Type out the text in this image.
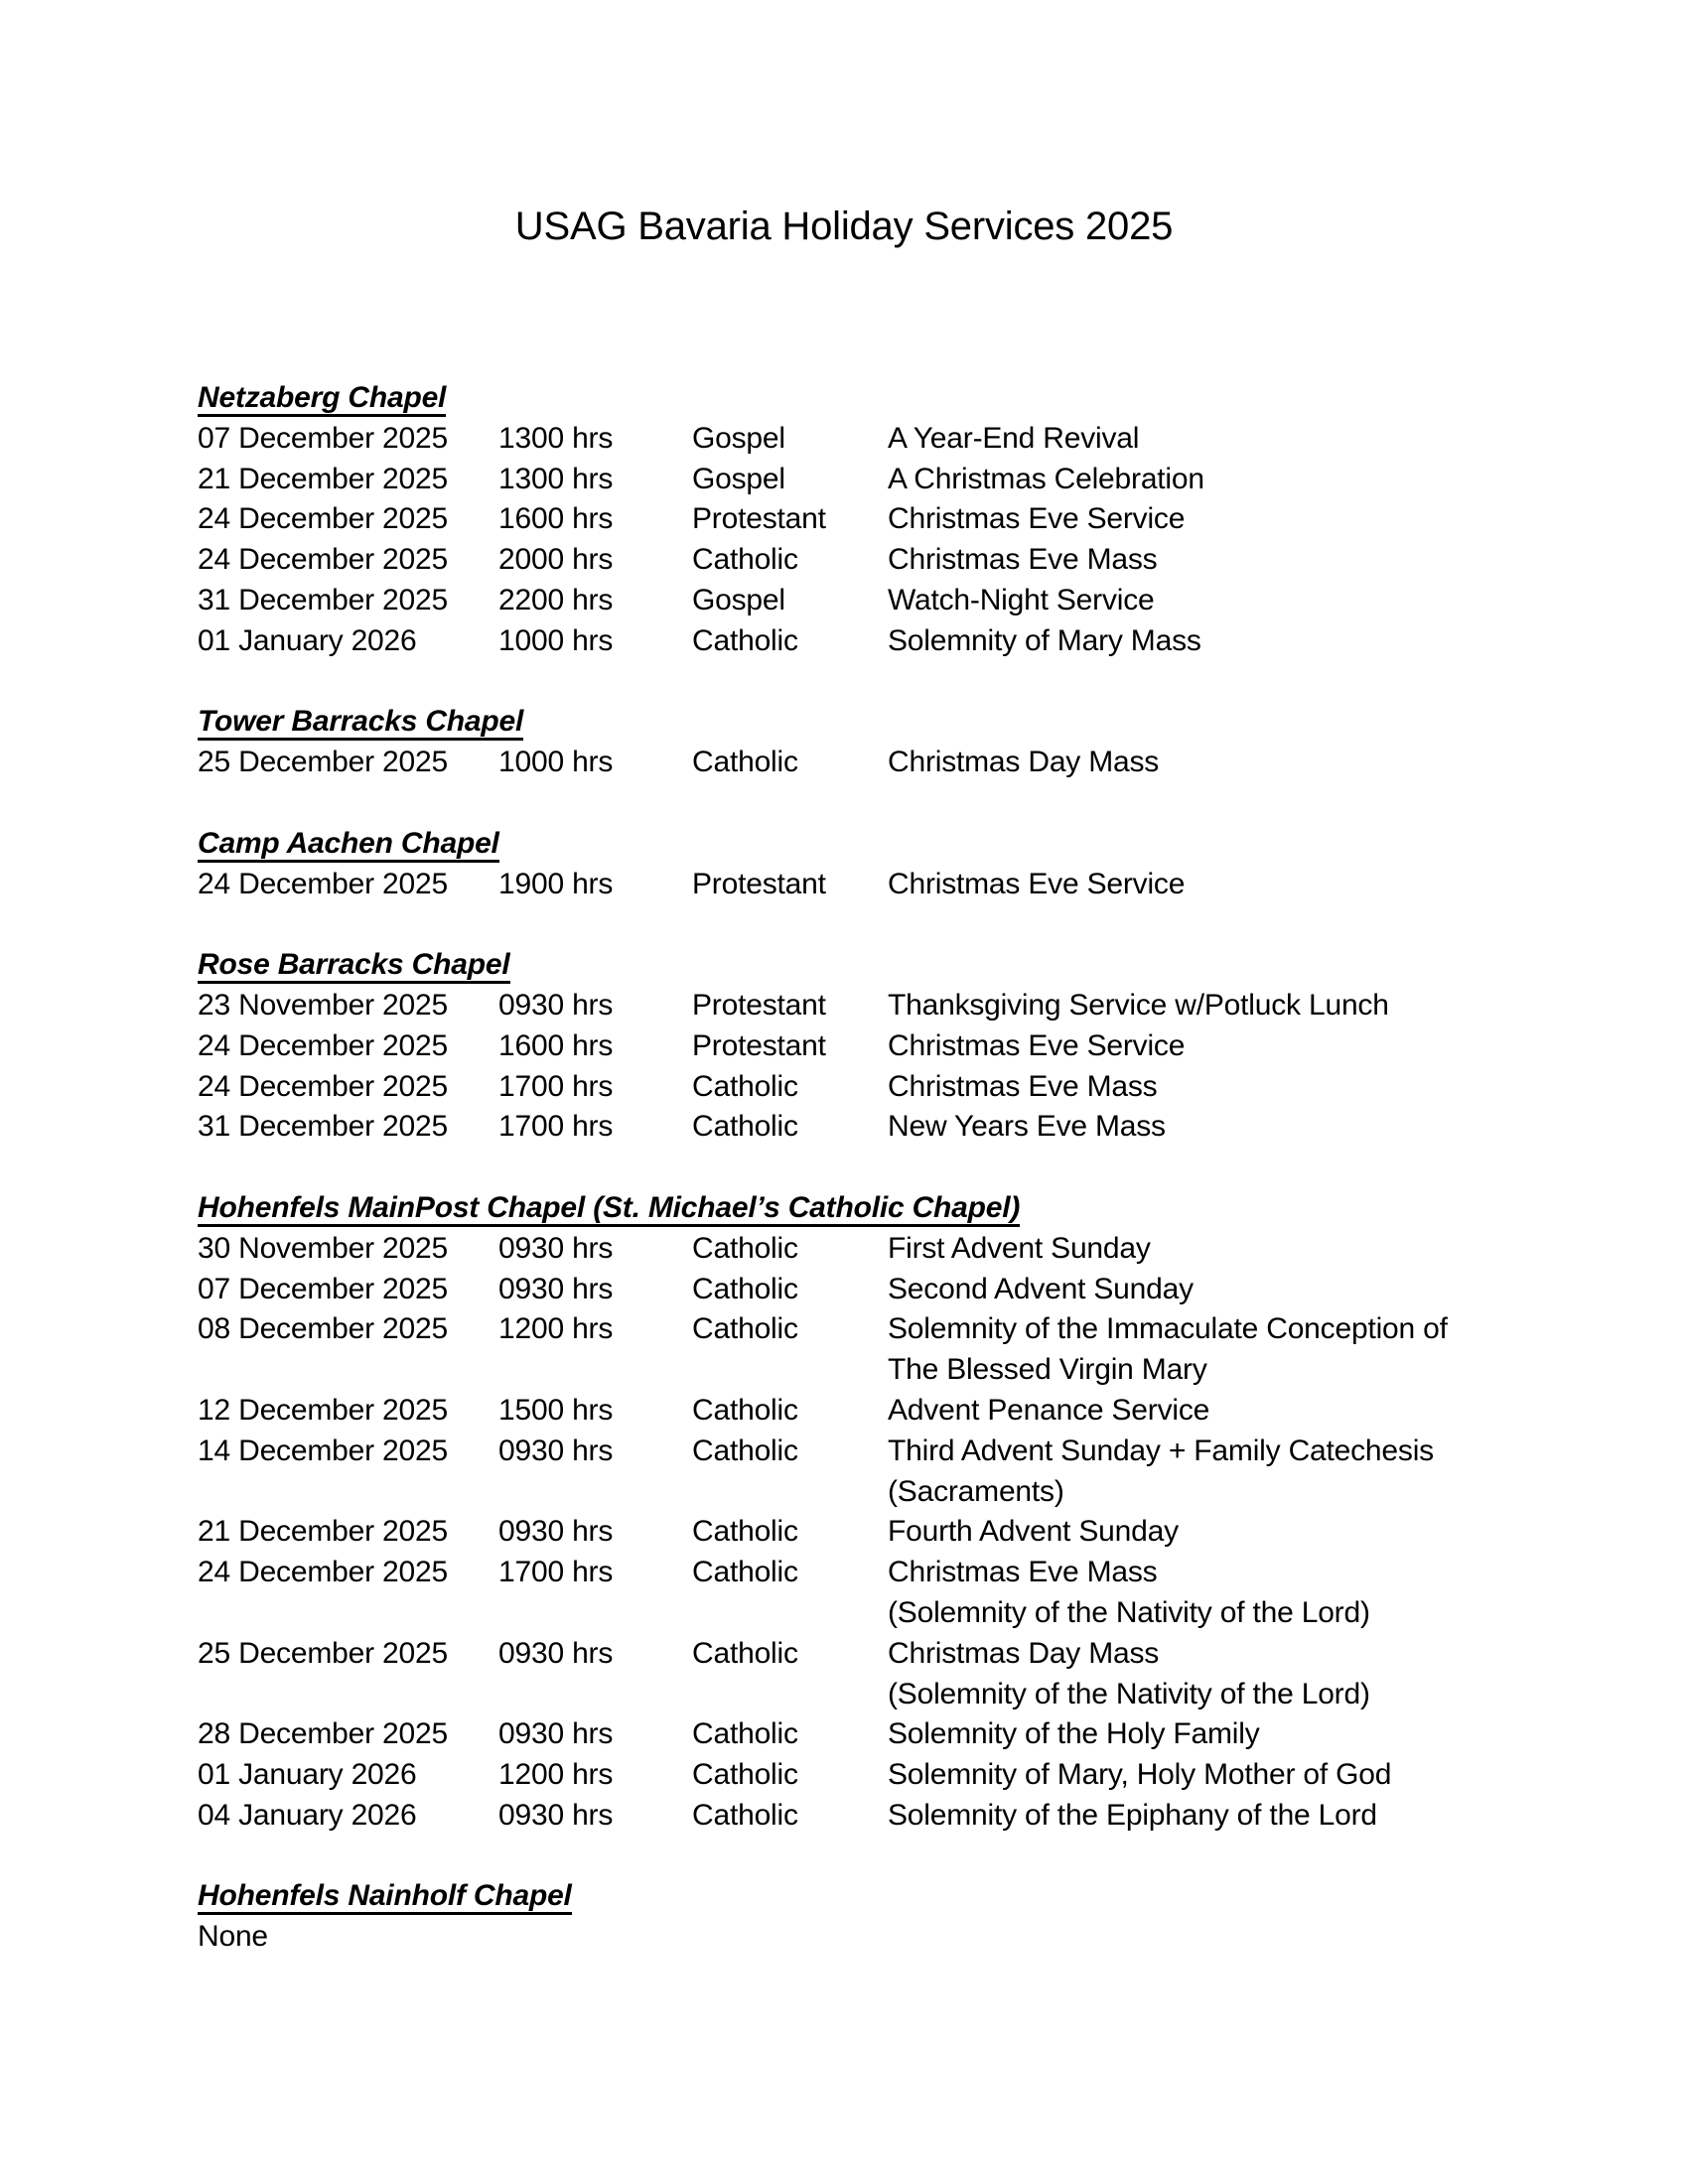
USAG Bavaria Holiday Services 2025
Netzaberg Chapel
07 December 2025	1300 hrs	Gospel	A Year-End Revival
21 December 2025	1300 hrs	Gospel	A Christmas Celebration
24 December 2025	1600 hrs	Protestant	Christmas Eve Service
24 December 2025	2000 hrs	Catholic	Christmas Eve Mass
31 December 2025	2200 hrs	Gospel	Watch-Night Service
01 January 2026	1000 hrs	Catholic	Solemnity of Mary Mass
Tower Barracks Chapel
25 December 2025	1000 hrs	Catholic	Christmas Day Mass
Camp Aachen Chapel
24 December 2025	1900 hrs	Protestant	Christmas Eve Service
Rose Barracks Chapel
23 November 2025	0930 hrs	Protestant	Thanksgiving Service w/Potluck Lunch
24 December 2025	1600 hrs	Protestant	Christmas Eve Service
24 December 2025	1700 hrs	Catholic	Christmas Eve Mass
31 December 2025	1700 hrs	Catholic	New Years Eve Mass
Hohenfels MainPost Chapel (St. Michael’s Catholic Chapel)
30 November 2025	0930 hrs	Catholic	First Advent Sunday
07 December 2025	0930 hrs	Catholic	Second Advent Sunday
08 December 2025	1200 hrs	Catholic	Solemnity of the Immaculate Conception of
The Blessed Virgin Mary
12 December 2025	1500 hrs	Catholic	Advent Penance Service
14 December 2025	0930 hrs	Catholic	Third Advent Sunday + Family Catechesis
(Sacraments)
21 December 2025	0930 hrs	Catholic	Fourth Advent Sunday
24 December 2025	1700 hrs	Catholic	Christmas Eve Mass
(Solemnity of the Nativity of the Lord)
25 December 2025	0930 hrs	Catholic	Christmas Day Mass
(Solemnity of the Nativity of the Lord)
28 December 2025	0930 hrs	Catholic	Solemnity of the Holy Family
01 January 2026	1200 hrs	Catholic	Solemnity of Mary, Holy Mother of God
04 January 2026	0930 hrs	Catholic	Solemnity of the Epiphany of the Lord
Hohenfels Nainholf Chapel
None
